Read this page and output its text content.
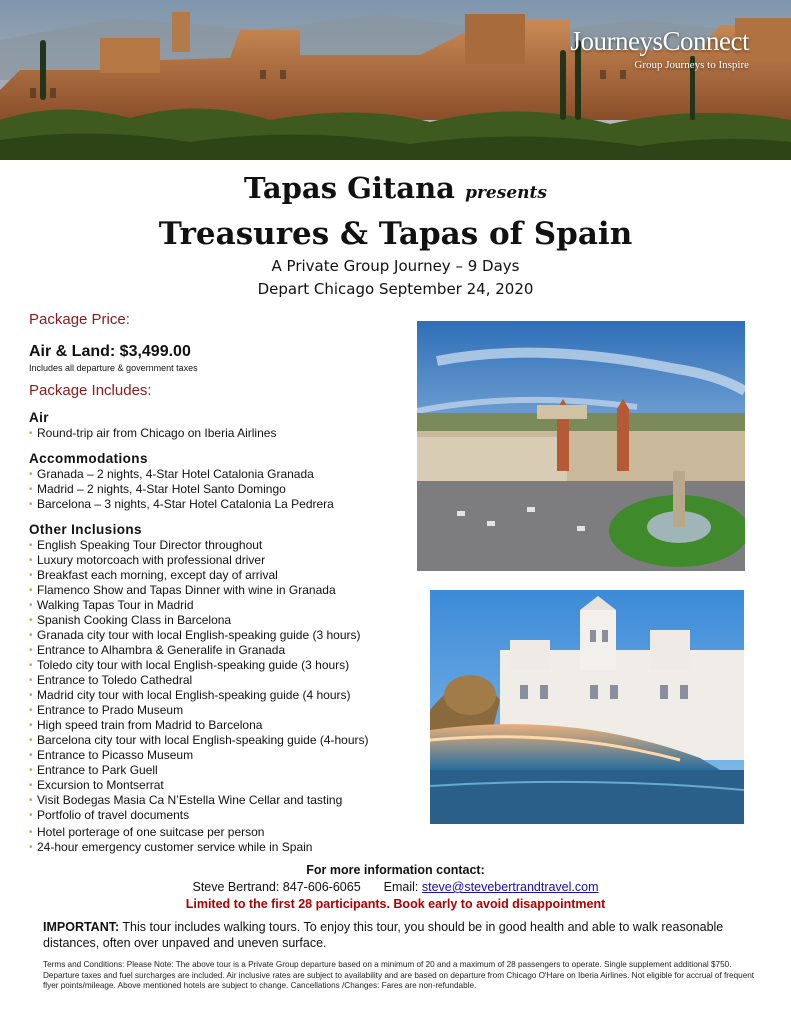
JourneysConnect
Group Journeys to Inspire
Tapas Gitana presents
Treasures & Tapas of Spain
A Private Group Journey – 9 Days
Depart Chicago September 24, 2020
Package Price:
Air & Land: $3,499.00
Includes all departure & government taxes
Package Includes:
Air
• Round-trip air from Chicago on Iberia Airlines
Accommodations
• Granada – 2 nights, 4-Star Hotel Catalonia Granada
• Madrid – 2 nights, 4-Star Hotel Santo Domingo
• Barcelona – 3 nights, 4-Star Hotel Catalonia La Pedrera
Other Inclusions
• English Speaking Tour Director throughout
• Luxury motorcoach with professional driver
• Breakfast each morning, except day of arrival
• Flamenco Show and Tapas Dinner with wine in Granada
• Walking Tapas Tour in Madrid
• Spanish Cooking Class in Barcelona
• Granada city tour with local English-speaking guide (3 hours)
• Entrance to Alhambra & Generalife in Granada
• Toledo city tour with local English-speaking guide (3 hours)
• Entrance to Toledo Cathedral
• Madrid city tour with local English-speaking guide (4 hours)
• Entrance to Prado Museum
• High speed train from Madrid to Barcelona
• Barcelona city tour with local English-speaking guide (4-hours)
• Entrance to Picasso Museum
• Entrance to Park Guell
• Excursion to Montserrat
• Visit Bodegas Masia Ca N’Estella Wine Cellar and tasting
• Portfolio of travel documents
• Hotel porterage of one suitcase per person
• 24-hour emergency customer service while in Spain
For more information contact:
Steve Bertrand: 847-606-6065 Email: steve@stevebertrandtravel.com
Limited to the first 28 participants. Book early to avoid disappointment
IMPORTANT: This tour includes walking tours. To enjoy this tour, you should be in good health and able to walk reasonable distances, often over unpaved and uneven surface.
Terms and Conditions: Please Note: The above tour is a Private Group departure based on a minimum of 20 and a maximum of 28 passengers to operate. Single supplement additional $750. Departure taxes and fuel surcharges are included. Air inclusive rates are subject to availability and are based on departure from Chicago O'Hare on Iberia Airlines. Not eligible for accrual of frequent flyer points/mileage. Above mentioned hotels are subject to change. Cancellations /Changes: Fares are non-refundable.
